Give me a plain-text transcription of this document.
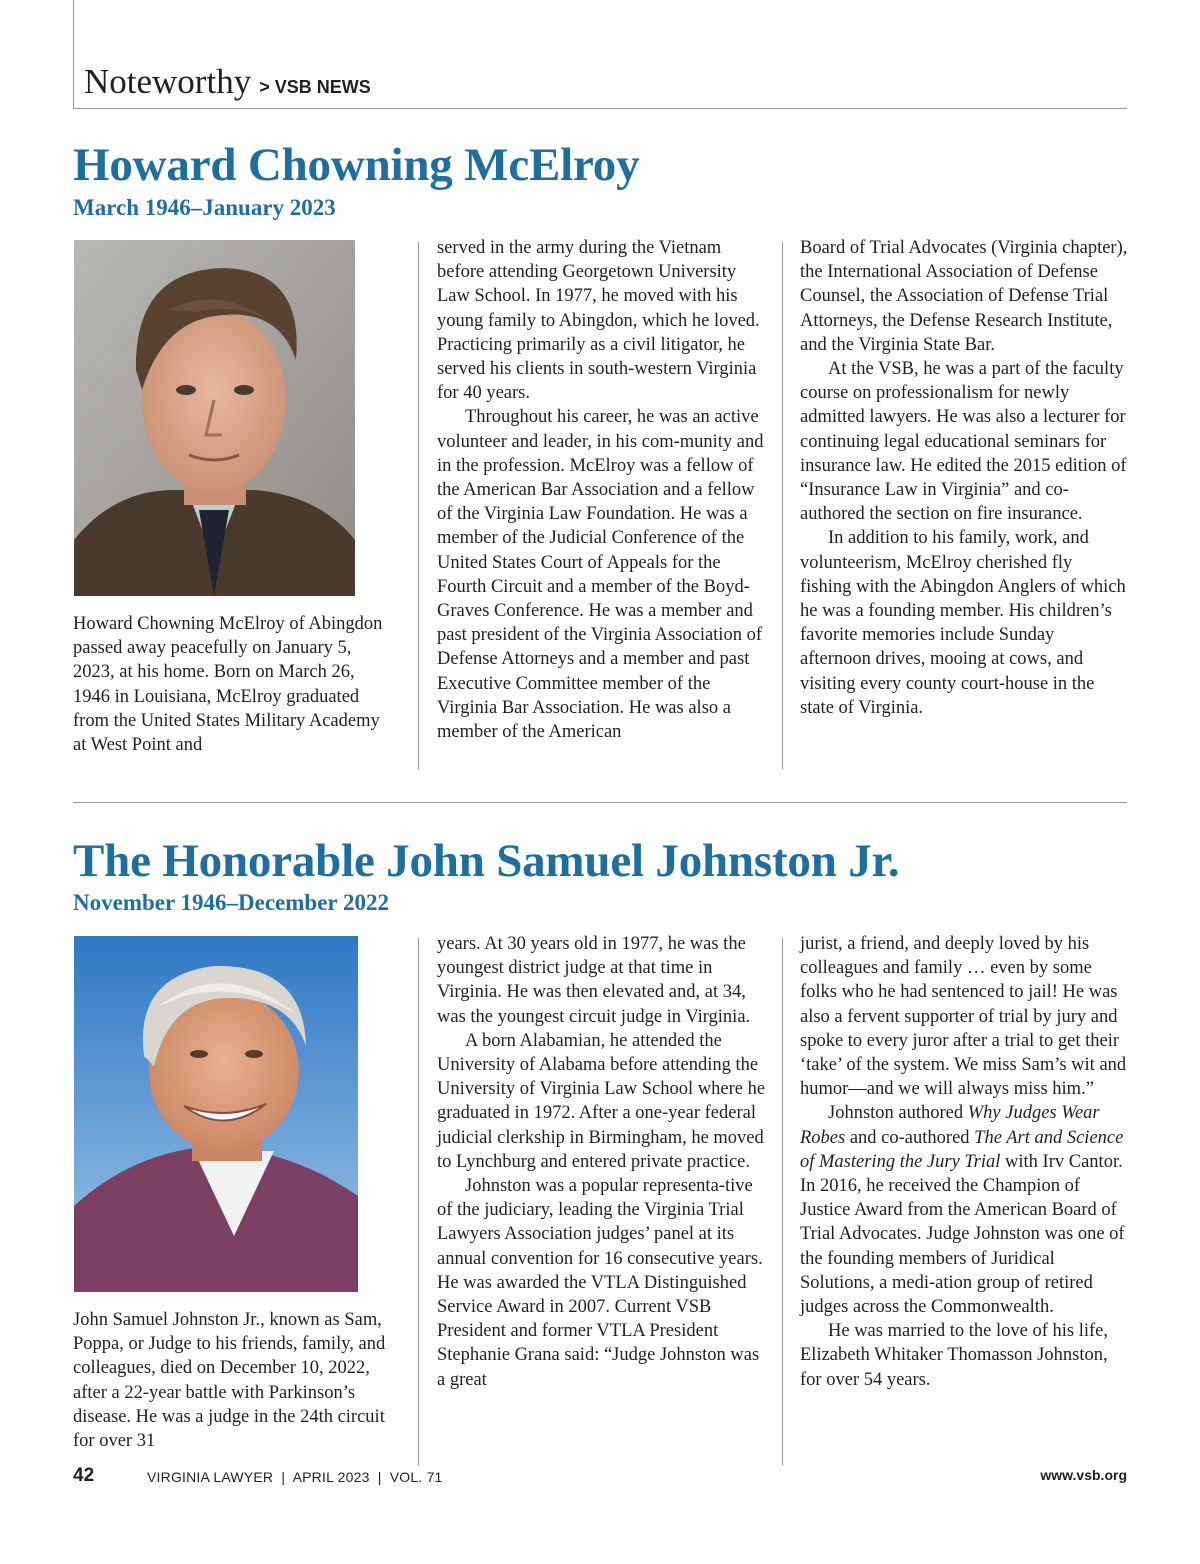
Noteworthy > VSB NEWS
Howard Chowning McElroy
March 1946–January 2023

Howard Chowning McElroy of Abingdon passed away peacefully on January 5, 2023, at his home. Born on March 26, 1946 in Louisiana, McElroy graduated from the United States Military Academy at West Point and

served in the army during the Vietnam before attending Georgetown University Law School. In 1977, he moved with his young family to Abingdon, which he loved. Practicing primarily as a civil litigator, he served his clients in south-western Virginia for 40 years.

Throughout his career, he was an active volunteer and leader, in his com-munity and in the profession. McElroy was a fellow of the American Bar Association and a fellow of the Virginia Law Foundation. He was a member of the Judicial Conference of the United States Court of Appeals for the Fourth Circuit and a member of the Boyd-Graves Conference. He was a member and past president of the Virginia Association of Defense Attorneys and a member and past Executive Committee member of the Virginia Bar Association. He was also a member of the American

Board of Trial Advocates (Virginia chapter), the International Association of Defense Counsel, the Association of Defense Trial Attorneys, the Defense Research Institute, and the Virginia State Bar.

At the VSB, he was a part of the faculty course on professionalism for newly admitted lawyers. He was also a lecturer for continuing legal educational seminars for insurance law. He edited the 2015 edition of “Insurance Law in Virginia” and co-authored the section on fire insurance.

In addition to his family, work, and volunteerism, McElroy cherished fly fishing with the Abingdon Anglers of which he was a founding member. His children’s favorite memories include Sunday afternoon drives, mooing at cows, and visiting every county court-house in the state of Virginia.

The Honorable John Samuel Johnston Jr.
November 1946–December 2022

John Samuel Johnston Jr., known as Sam, Poppa, or Judge to his friends, family, and colleagues, died on December 10, 2022, after a 22-year battle with Parkinson’s disease. He was a judge in the 24th circuit for over 31

years. At 30 years old in 1977, he was the youngest district judge at that time in Virginia. He was then elevated and, at 34, was the youngest circuit judge in Virginia.

A born Alabamian, he attended the University of Alabama before attending the University of Virginia Law School where he graduated in 1972. After a one-year federal judicial clerkship in Birmingham, he moved to Lynchburg and entered private practice.

Johnston was a popular representa-tive of the judiciary, leading the Virginia Trial Lawyers Association judges’ panel at its annual convention for 16 consecutive years. He was awarded the VTLA Distinguished Service Award in 2007. Current VSB President and former VTLA President Stephanie Grana said: “Judge Johnston was a great

jurist, a friend, and deeply loved by his colleagues and family … even by some folks who he had sentenced to jail! He was also a fervent supporter of trial by jury and spoke to every juror after a trial to get their ‘take’ of the system. We miss Sam’s wit and humor—and we will always miss him.”

Johnston authored Why Judges Wear Robes and co-authored The Art and Science of Mastering the Jury Trial with Irv Cantor. In 2016, he received the Champion of Justice Award from the American Board of Trial Advocates. Judge Johnston was one of the founding members of Juridical Solutions, a medi-ation group of retired judges across the Commonwealth.

He was married to the love of his life, Elizabeth Whitaker Thomasson Johnston, for over 54 years.

42	VIRGINIA LAWYER  |  APRIL 2023  |  VOL. 71	www.vsb.org
